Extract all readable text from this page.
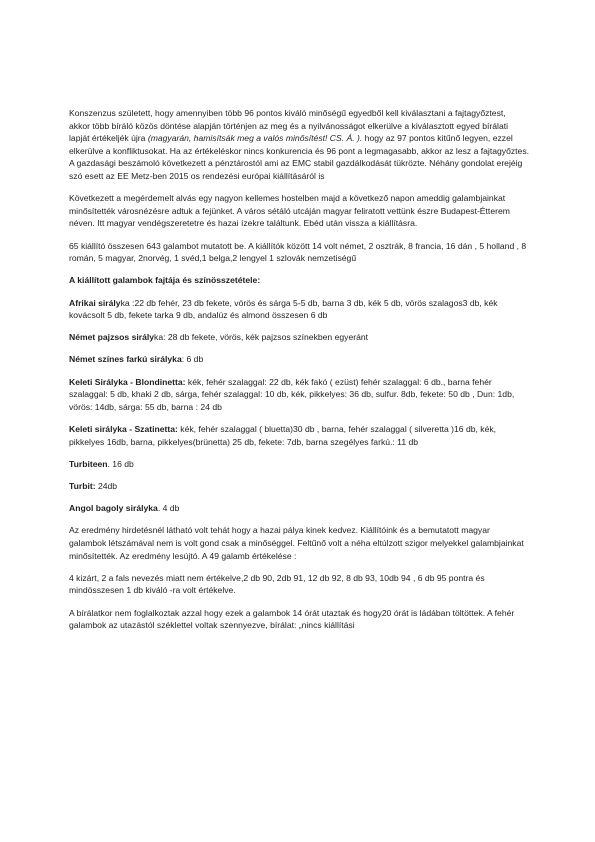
Konszenzus született, hogy amennyiben több 96 pontos kiváló minőségű egyedből kell kiválasztani a fajtagyőztest, akkor több bíráló közös döntése alapján történjen az meg és a nyilvánosságot elkerülve a kiválasztott egyed bírálati lapját értékeljék újra (magyarán, hamisítsák meg a valós minősítést! CS. Á. ). hogy az 97 pontos kitűnő legyen, ezzel elkerülve a konfliktusokat. Ha az értékeléskor nincs konkurencia és 96 pont a legmagasabb, akkor az lesz a fajtagyőztes. A gazdasági beszámoló következett a pénztárostól ami az EMC stabil gazdálkodását tükrözte. Néhány gondolat erejéig szó esett az EE Metz-ben 2015 os rendezési európai kiállításáról is

Következett a megérdemelt alvás egy nagyon kellemes hostelben majd a következő napon ameddig galambjainkat minősítették városnézésre adtuk a fejünket. A város sétáló utcáján magyar feliratott vettünk észre Budapest-Étterem néven. Itt magyar vendégszeretetre és hazai ízekre találtunk. Ebéd után vissza a kiállításra.

65 kiállító összesen 643 galambot mutatott be. A kiállítók között 14 volt német, 2 osztrák, 8 francia, 16 dán , 5 holland , 8 román, 5 magyar, 2norvég, 1 svéd,1 belga,2 lengyel 1 szlovák nemzetiségű

A kiállított galambok fajtája és színösszetétele:

Afrikai sirályka :22 db fehér, 23 db fekete, vörös és sárga 5-5 db, barna 3 db, kék 5 db, vörös szalagos3 db, kék kovácsolt 5 db, fekete tarka 9 db, andalúz és almond összesen 6 db

Német pajzsos sirályka: 28 db fekete, vörös, kék pajzsos színekben egyeránt

Német színes farkú sirályka: 6 db

Keleti Sirályka - Blondinetta: kék, fehér szalaggal: 22 db, kék fakó ( ezüst) fehér szalaggal: 6 db., barna fehér szalaggal: 5 db, khaki 2 db, sárga, fehér szalaggal: 10 db, kék, pikkelyes: 36 db, sulfur. 8db, fekete: 50 db , Dun: 1db, vörös: 14db, sárga: 55 db, barna : 24 db

Keleti sirályka - Szatinetta: kék, fehér szalaggal ( bluetta)30 db , barna, fehér szalaggal ( silveretta )16 db, kék, pikkelyes 16db, barna, pikkelyes(brünetta) 25 db, fekete: 7db, barna szegélyes farkú.: 11 db

Turbiteen. 16 db

Turbit: 24db

Angol bagoly sirályka. 4 db

Az eredmény hirdetésnél látható volt tehát hogy a hazai pálya kinek kedvez. Kiállítóink és a bemutatott magyar galambok létszámával nem is volt gond csak a minőséggel. Feltűnő volt a néha eltúlzott szigor melyekkel galambjainkat minősítették. Az eredmény lesújtó. A 49 galamb értékelése :

4 kizárt, 2 a fals nevezés miatt nem értékelve,2 db 90, 2db 91, 12 db 92, 8 db 93, 10db 94 , 6 db 95 pontra és mindösszesen 1 db kiváló -ra volt értékelve.

A bírálatkor nem foglalkoztak azzal hogy ezek a galambok 14 órát utaztak és hogy20 órát is ládában töltöttek. A fehér galambok az utazástól széklettel voltak szennyezve, bírálat: „nincs kiállítási
